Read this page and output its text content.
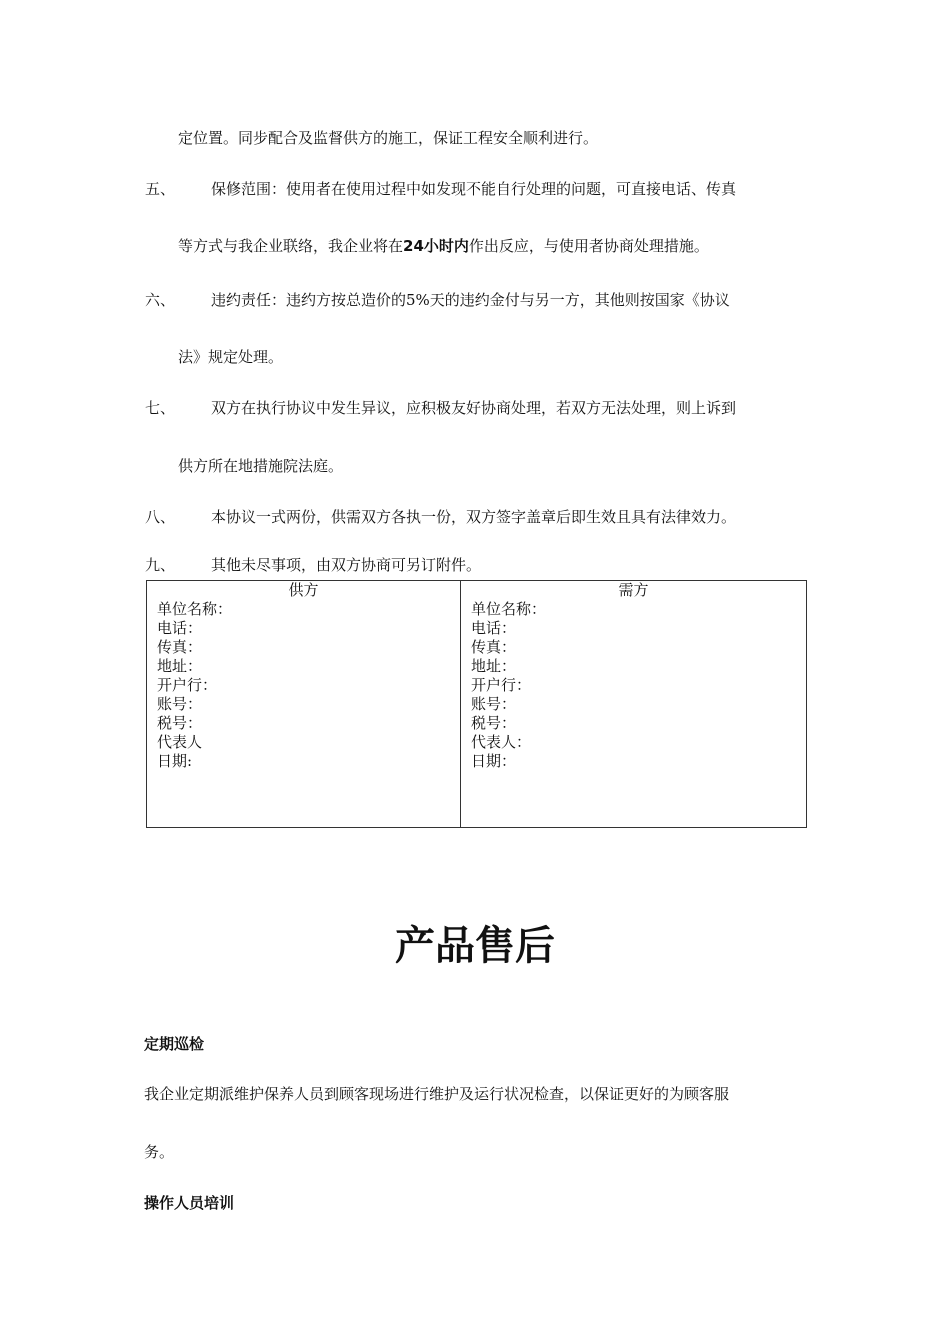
定位置。同步配合及监督供方的施工，保证工程安全顺利进行。
五、 保修范围：使用者在使用过程中如发现不能自行处理的问题，可直接电话、传真
等方式与我企业联络，我企业将在24小时内作出反应，与使用者协商处理措施。
六、 违约责任：违约方按总造价的5%天的违约金付与另一方，其他则按国家《协议
法》规定处理。
七、 双方在执行协议中发生异议，应积极友好协商处理，若双方无法处理，则上诉到
供方所在地措施院法庭。
八、 本协议一式两份，供需双方各执一份，双方签字盖章后即生效且具有法律效力。
九、 其他未尽事项，由双方协商可另订附件。
供方
单位名称：
电话：
传真：
地址：
开户行：
账号：
税号：
代表人
日期:

需方
单位名称：
电话：
传真：
地址：
开户行：
账号：
税号：
代表人：
日期：
产品售后
定期巡检
我企业定期派维护保养人员到顾客现场进行维护及运行状况检查，以保证更好的为顾客服
务。
操作人员培训
